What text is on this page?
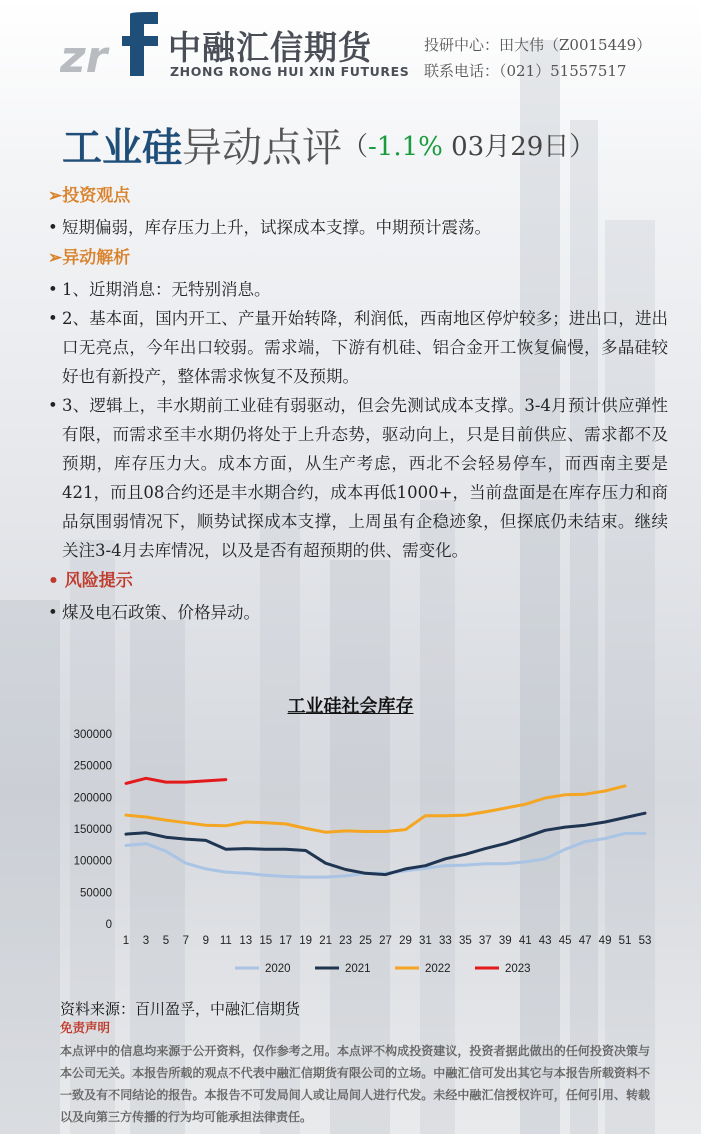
zr 中融汇信期货
ZHONG RONG HUI XIN FUTURES
投研中心：田大伟（Z0015449）
联系电话：（021）51557517
工业硅异动点评（-1.1% 03月29日）
➢投资观点
• 短期偏弱，库存压力上升，试探成本支撑。中期预计震荡。
➢异动解析
• 1、近期消息：无特别消息。
• 2、基本面，国内开工、产量开始转降，利润低，西南地区停炉较多；进出口，进出口无亮点，今年出口较弱。需求端，下游有机硅、铝合金开工恢复偏慢，多晶硅较好也有新投产，整体需求恢复不及预期。
• 3、逻辑上，丰水期前工业硅有弱驱动，但会先测试成本支撑。3-4月预计供应弹性有限，而需求至丰水期仍将处于上升态势，驱动向上，只是目前供应、需求都不及预期，库存压力大。成本方面，从生产考虑，西北不会轻易停车，而西南主要是421，而且08合约还是丰水期合约，成本再低1000+，当前盘面是在库存压力和商品氛围弱情况下，顺势试探成本支撑，上周虽有企稳迹象，但探底仍未结束。继续关注3-4月去库情况，以及是否有超预期的供、需变化。
• 风险提示
• 煤及电石政策、价格异动。
工业硅社会库存
0
50000
100000
150000
200000
250000
300000
1 3 5 7 9 11 13 15 17 19 21 23 25 27 29 31 33 35 37 39 41 43 45 47 49 51 53
2020	2021	2022	2023
资料来源：百川盈孚，中融汇信期货
免责声明
本点评中的信息均来源于公开资料，仅作参考之用。本点评不构成投资建议，投资者据此做出的任何投资决策与本公司无关。本报告所载的观点不代表中融汇信期货有限公司的立场。中融汇信可发出其它与本报告所载资料不一致及有不同结论的报告。本报告不可发局间人或让局间人进行代发。未经中融汇信授权许可，任何引用、转载以及向第三方传播的行为均可能承担法律责任。
